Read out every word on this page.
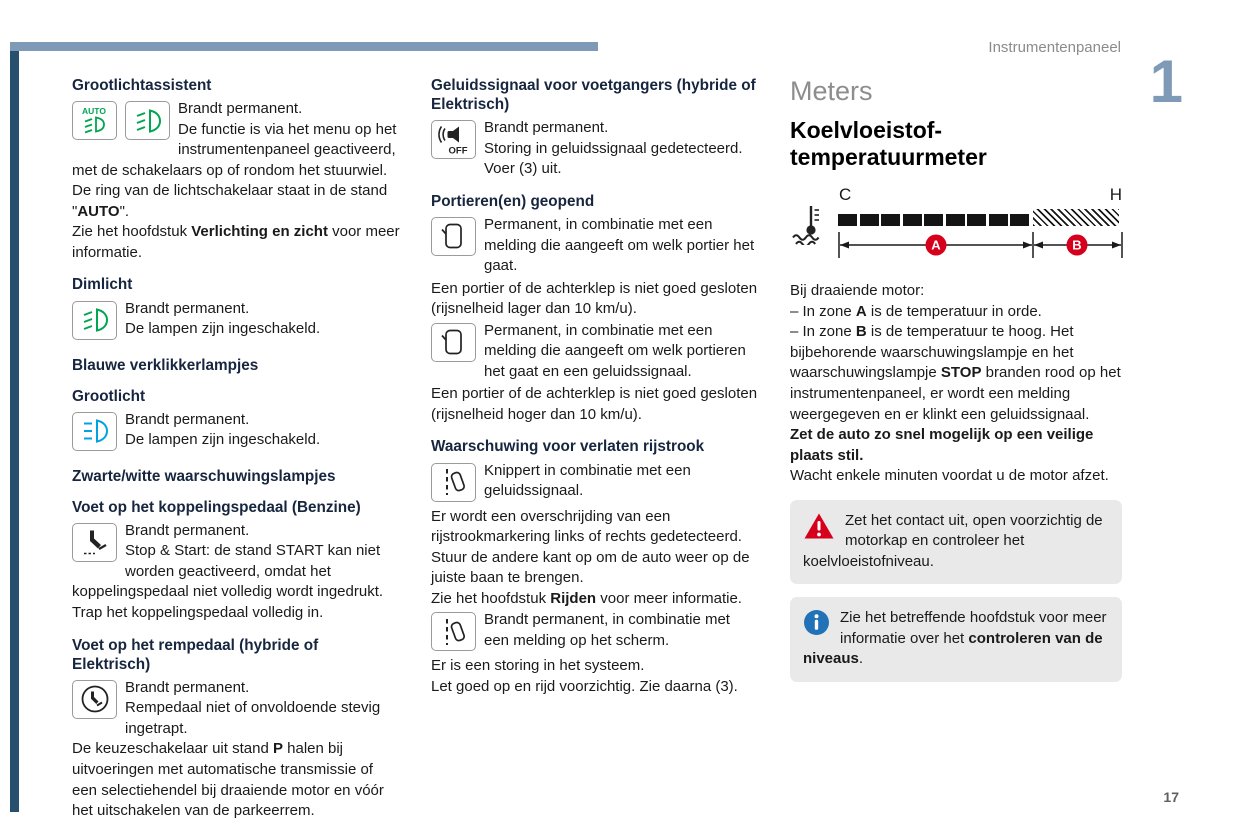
Instrumentenpaneel
1
Grootlichtassistent
AUTO	Brandt permanent.

De functie is via het menu op het instrumentenpaneel geactiveerd, met de schakelaars op of rondom het stuurwiel.

De ring van de lichtschakelaar staat in de stand "AUTO".

Zie het hoofdstuk Verlichting en zicht voor meer informatie.

Dimlicht

Brandt permanent.

De lampen zijn ingeschakeld.

Blauwe verklikkerlampjes
Grootlicht

Brandt permanent.

De lampen zijn ingeschakeld.

Zwarte/witte waarschuwingslampjes
Voet op het koppelingspedaal (Benzine)

Brandt permanent.

Stop & Start: de stand START kan niet worden geactiveerd, omdat het koppelingspedaal niet volledig wordt ingedrukt.

Trap het koppelingspedaal volledig in.

Voet op het rempedaal (hybride of Elektrisch)

Brandt permanent.

Rempedaal niet of onvoldoende stevig ingetrapt.

De keuzeschakelaar uit stand P halen bij uitvoeringen met automatische transmissie of een selectiehendel bij draaiende motor en vóór het uitschakelen van de parkeerrem.

Geluidssignaal voor voetgangers (hybride of Elektrisch)
OFF

Brandt permanent.

Storing in geluidssignaal gedetecteerd.

Voer (3) uit.

Portieren(en) geopend

Permanent, in combinatie met een melding die aangeeft om welk portier het gaat.

Een portier of de achterklep is niet goed gesloten (rijsnelheid lager dan 10 km/u).

Permanent, in combinatie met een melding die aangeeft om welk portieren het gaat en een geluidssignaal.

Een portier of de achterklep is niet goed gesloten (rijsnelheid hoger dan 10 km/u).

Waarschuwing voor verlaten rijstrook

Knippert in combinatie met een geluidssignaal.

Er wordt een overschrijding van een rijstrookmarkering links of rechts gedetecteerd. Stuur de andere kant op om de auto weer op de juiste baan te brengen.

Zie het hoofdstuk Rijden voor meer informatie.

Brandt permanent, in combinatie met een melding op het scherm.

Er is een storing in het systeem.

Let goed op en rijd voorzichtig. Zie daarna (3).

Meters
Koelvloeistof-temperatuurmeter
C	H
A	B

Bij draaiende motor:

– In zone A is de temperatuur in orde.

– In zone B is de temperatuur te hoog. Het bijbehorende waarschuwingslampje en het waarschuwingslampje STOP branden rood op het instrumentenpaneel, er wordt een melding weergegeven en er klinkt een geluidssignaal.

Zet de auto zo snel mogelijk op een veilige plaats stil.

Wacht enkele minuten voordat u de motor afzet.

Zet het contact uit, open voorzichtig de motorkap en controleer het koelvloeistofniveau.

Zie het betreffende hoofdstuk voor meer informatie over het controleren van de niveaus.

17
